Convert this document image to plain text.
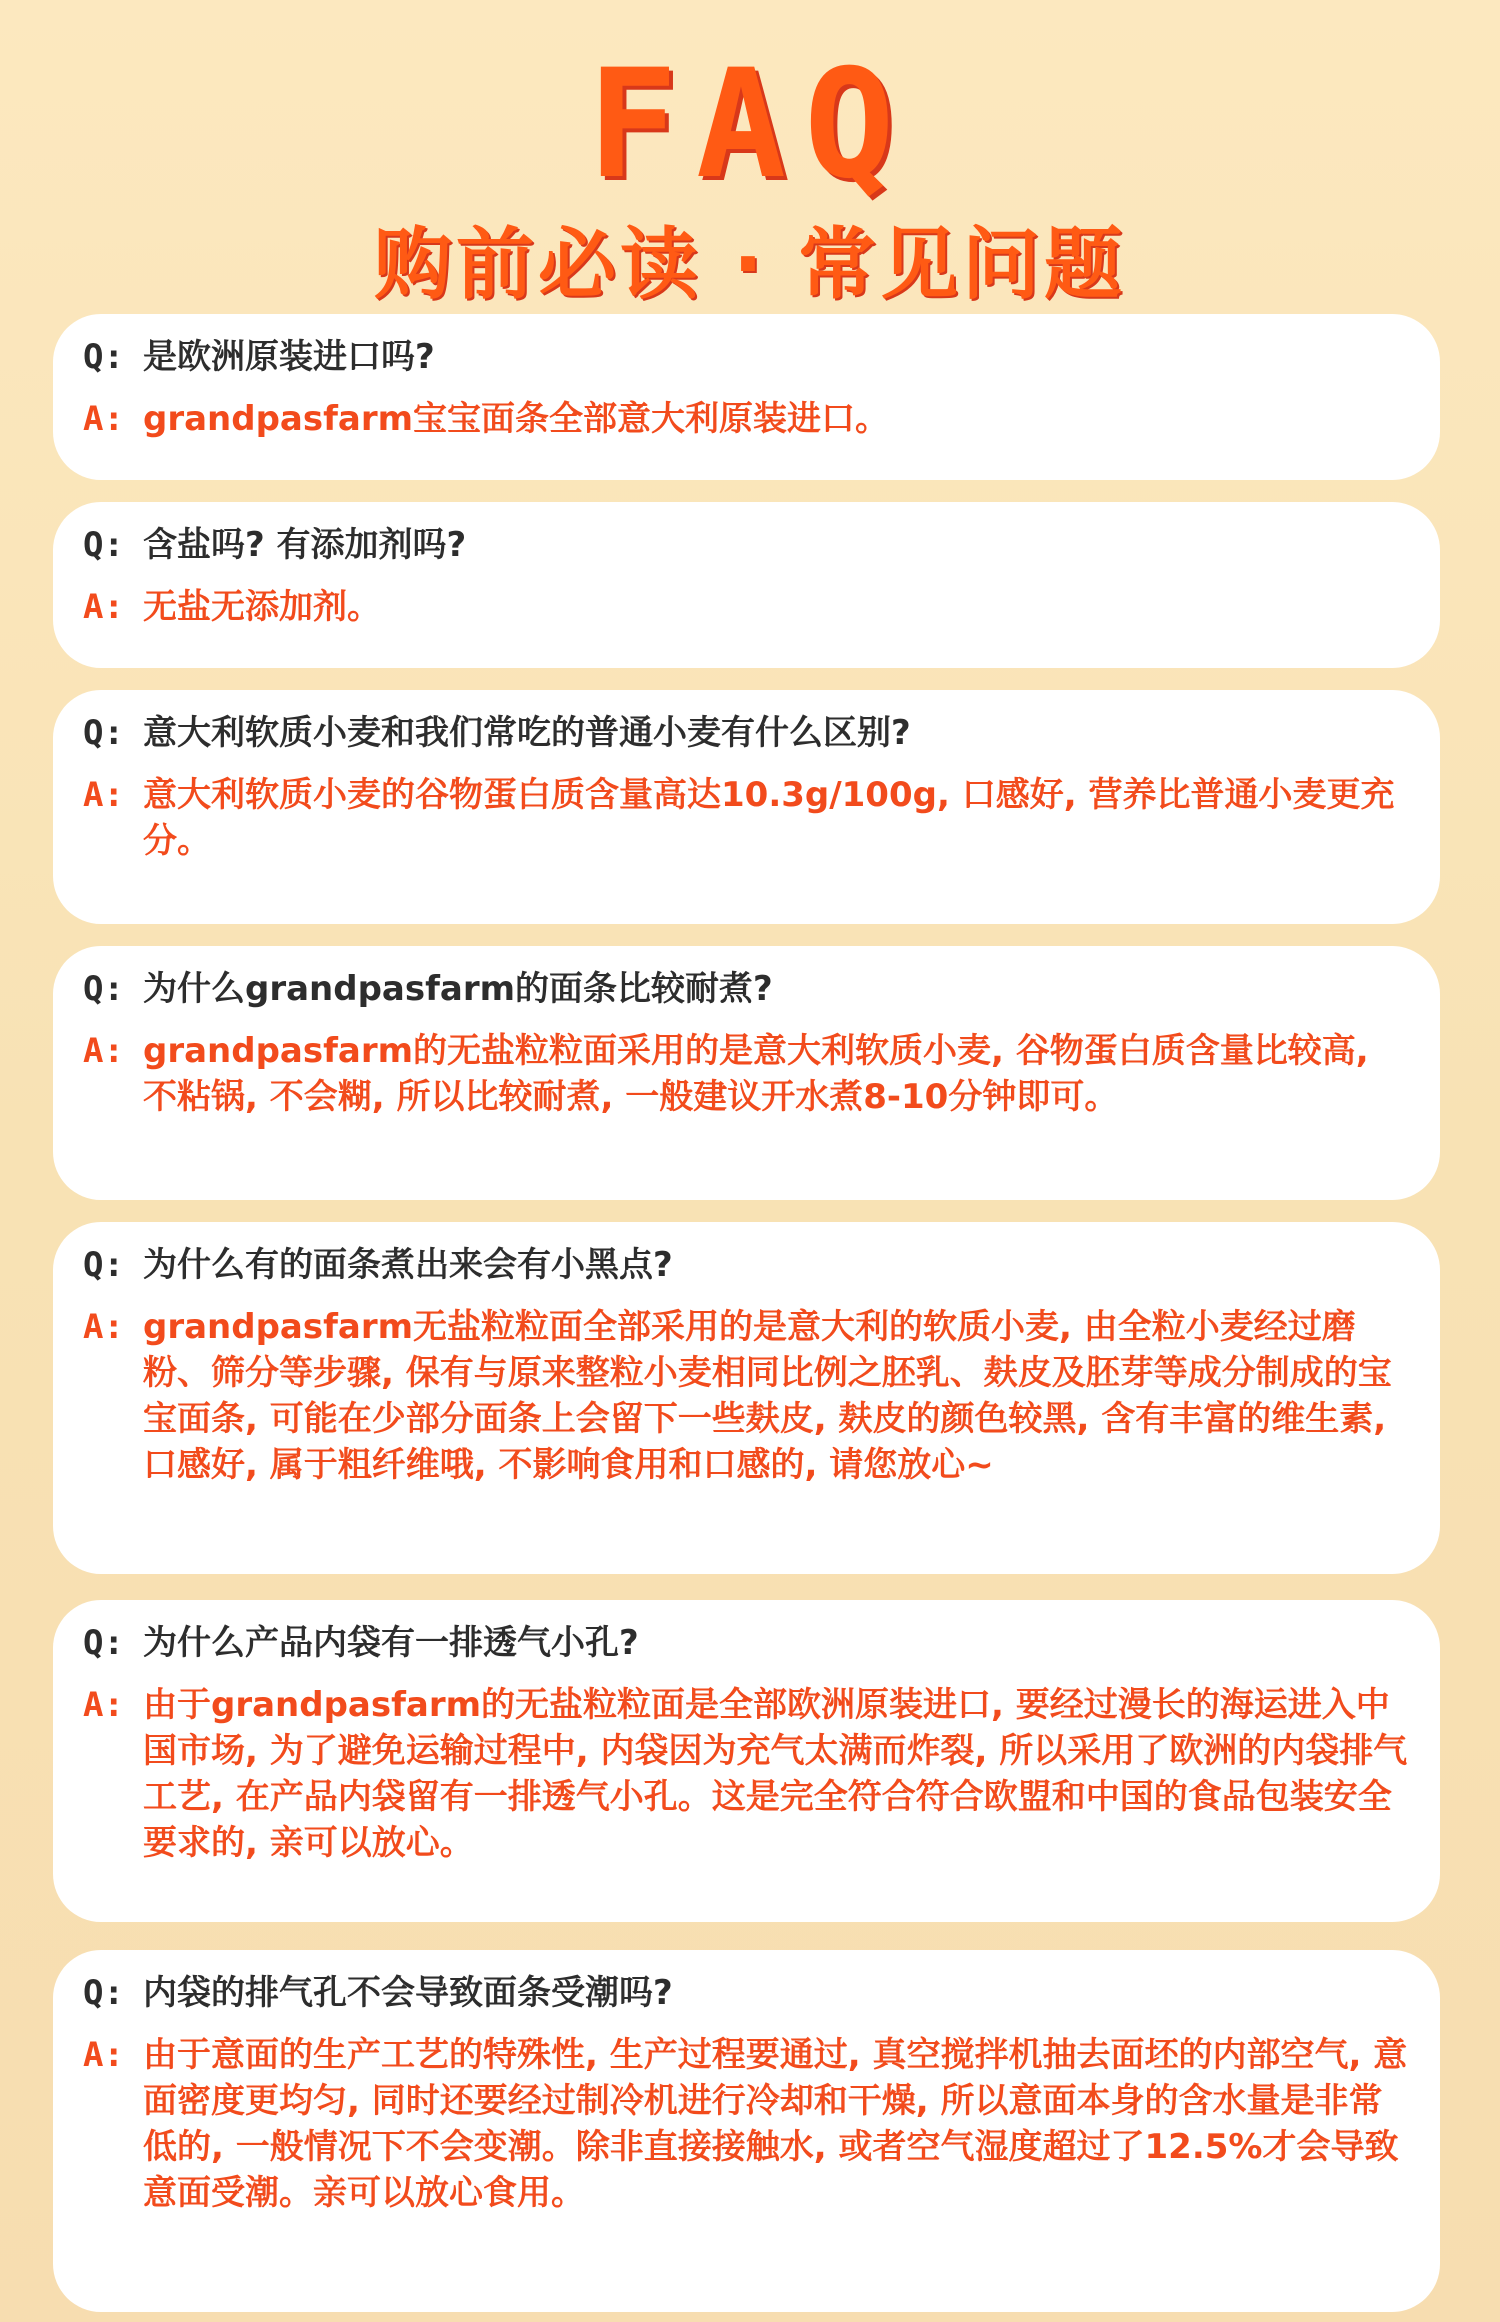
FAQ
购前必读 · 常见问题
Q: 是欧洲原装进口吗?
A: grandpasfarm宝宝面条全部意大利原装进口。
Q: 含盐吗? 有添加剂吗?
A: 无盐无添加剂。
Q: 意大利软质小麦和我们常吃的普通小麦有什么区别?
A: 意大利软质小麦的谷物蛋白质含量高达10.3g/100g, 口感好, 营养比普通小麦更充分。
Q: 为什么grandpasfarm的面条比较耐煮?
A: grandpasfarm的无盐粒粒面采用的是意大利软质小麦, 谷物蛋白质含量比较高, 不粘锅, 不会糊, 所以比较耐煮, 一般建议开水煮8-10分钟即可。
Q: 为什么有的面条煮出来会有小黑点?
A: grandpasfarm无盐粒粒面全部采用的是意大利的软质小麦, 由全粒小麦经过磨粉、筛分等步骤, 保有与原来整粒小麦相同比例之胚乳、麸皮及胚芽等成分制成的宝宝面条, 可能在少部分面条上会留下一些麸皮, 麸皮的颜色较黑, 含有丰富的维生素, 口感好, 属于粗纤维哦, 不影响食用和口感的, 请您放心~
Q: 为什么产品内袋有一排透气小孔?
A: 由于grandpasfarm的无盐粒粒面是全部欧洲原装进口, 要经过漫长的海运进入中国市场, 为了避免运输过程中, 内袋因为充气太满而炸裂, 所以采用了欧洲的内袋排气工艺, 在产品内袋留有一排透气小孔。这是完全符合符合欧盟和中国的食品包装安全要求的, 亲可以放心。
Q: 内袋的排气孔不会导致面条受潮吗?
A: 由于意面的生产工艺的特殊性, 生产过程要通过, 真空搅拌机抽去面坯的内部空气, 意面密度更均匀, 同时还要经过制冷机进行冷却和干燥, 所以意面本身的含水量是非常低的, 一般情况下不会变潮。除非直接接触水, 或者空气湿度超过了12.5%才会导致意面受潮。亲可以放心食用。
